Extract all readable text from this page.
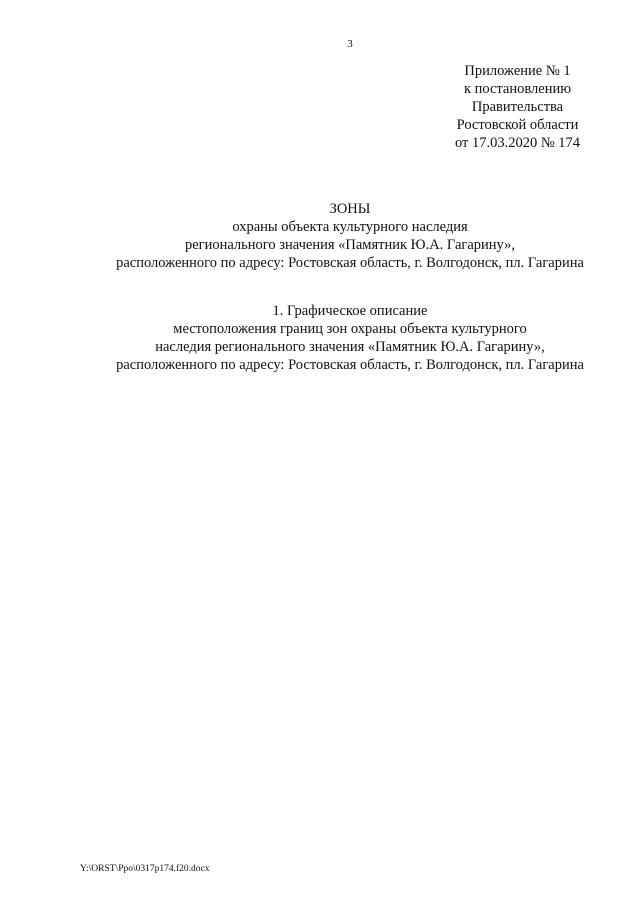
3
Приложение № 1
к постановлению
Правительства
Ростовской области
от 17.03.2020 № 174
ЗОНЫ
охраны объекта культурного наследия
регионального значения «Памятник Ю.А. Гагарину»,
расположенного по адресу: Ростовская область, г. Волгодонск, пл. Гагарина
1. Графическое описание
местоположения границ зон охраны объекта культурного
наследия регионального значения «Памятник Ю.А. Гагарину»,
расположенного по адресу: Ростовская область, г. Волгодонск, пл. Гагарина
Y:\ORST\Ppo\0317p174.f20.docx
